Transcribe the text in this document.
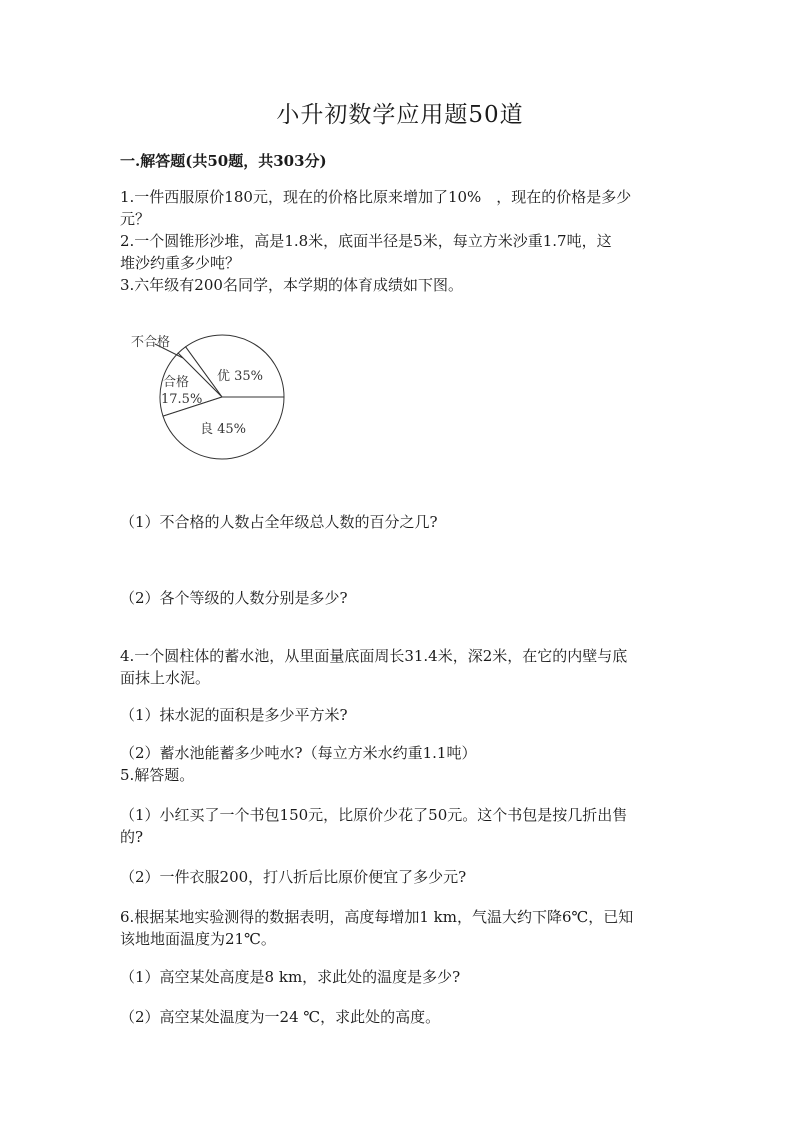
小升初数学应用题50道
一.解答题(共50题，共303分)
1.一件西服原价180元，现在的价格比原来增加了10%　，现在的价格是多少
元？
2.一个圆锥形沙堆，高是1.8米，底面半径是5米，每立方米沙重1.7吨，这
堆沙约重多少吨？
3.六年级有200名同学，本学期的体育成绩如下图。
不合格
优 35%
合格
17.5%
良 45%
（1）不合格的人数占全年级总人数的百分之几?
（2）各个等级的人数分别是多少?
4.一个圆柱体的蓄水池，从里面量底面周长31.4米，深2米，在它的内壁与底
面抹上水泥。
（1）抹水泥的面积是多少平方米?
（2）蓄水池能蓄多少吨水?（每立方米水约重1.1吨）
5.解答题。
（1）小红买了一个书包150元，比原价少花了50元。这个书包是按几折出售
的?
（2）一件衣服200，打八折后比原价便宜了多少元?
6.根据某地实验测得的数据表明，高度每增加1 km，气温大约下降6℃，已知
该地地面温度为21℃。
（1）高空某处高度是8 km，求此处的温度是多少?
（2）高空某处温度为一24 ℃，求此处的高度。
